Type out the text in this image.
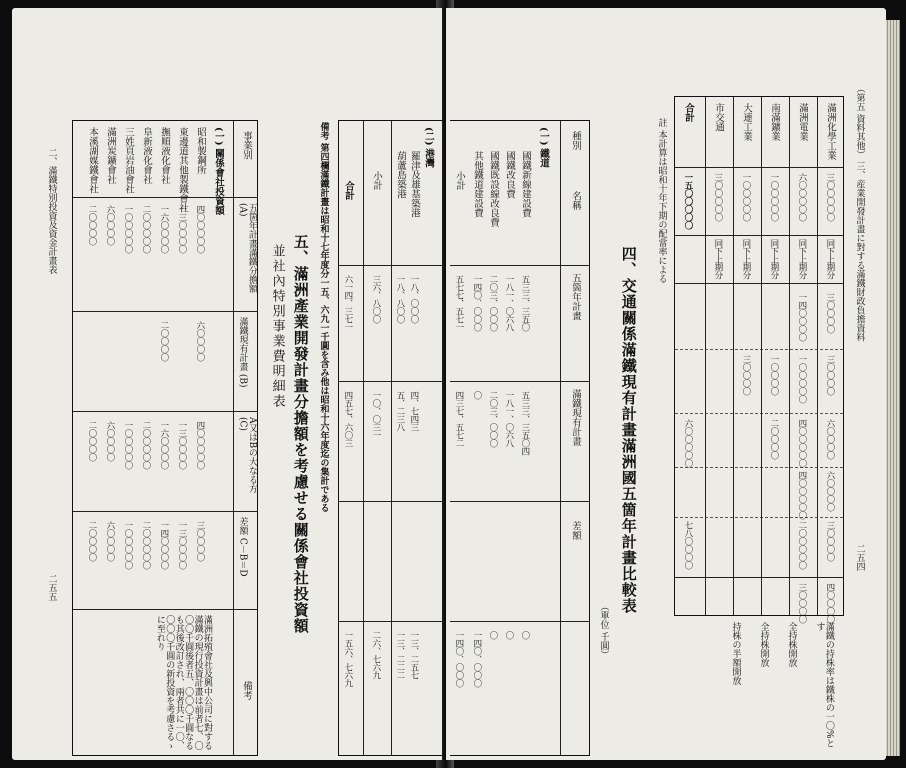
（第五 資料其他） 三、産業開發計畫に對する滿鐵財政負擔資料
二五四
滿洲化學工業
滿洲電業
南滿鑛業
大連工業
市交通
合計
三〇〇〇〇〇
六〇〇〇〇〇
一〇〇〇〇〇
一〇〇〇〇〇
三〇〇〇〇〇
一五〇〇〇〇〇
同下上期分
同下上期分
同下上期分
同下上期分
同下上期分
三〇〇〇〇
一四〇〇〇〇
三〇〇〇〇
一〇〇〇〇〇
一〇〇〇〇
三〇〇〇〇
六〇〇〇〇
四〇〇〇〇〇
二〇〇〇〇
六〇〇〇〇〇
六〇〇〇〇
四〇〇〇〇〇
三〇〇〇〇
二〇〇〇〇〇
七八〇〇〇〇
四〇〇〇〇
三〇〇〇〇
滿鐵の持株率は鐵株の一〇%とす
全持株開放
全持株開放
持株の半額開放
註 本計算は昭和十年下期の配當率による
四、交通關係滿鐵現有計畫滿洲國五箇年計畫比較表
（單位 千圓）
種別
名稱
五箇年計畫
滿鐵現有計畫
差額
(一) 鐵道
國鐵新線建設費
五三三、三五〇
五三三、三五〇四
〇
國鐵改良費
一八一、〇六八
一八一、〇六八
〇
國鐵既設線改良費
二〇三、〇〇〇
二〇三、〇〇〇
〇
其他鐵道建設費
一四〇、〇〇〇
〇
一四〇、〇〇〇
小計
五七七、五七一
四三七、五七二
一四〇、〇〇〇
(二) 港灣
羅津及雄基築港
一八、〇〇〇
四、七四三
一三、二五七
葫蘆島築港
一八、八〇〇
五、二三八
一三、二二二
小計
三六、八〇〇
一〇、〇三一
二六、七六九
合計
六一四、三七一
四五七、六〇三
一五六、七六九
備考 第四欄滿鐵計畫は昭和十七年度分一五、六九一千圓を含み他は昭和十六年度迄の集計である
五、滿洲產業開發計畫分擔額を考慮せる關係會社投資額
並社內特別事業費明細表
事業別
五箇年計畫滿鐵分擔額 (A)
滿鐵現有計畫 (B)
A又はBの大なる方 (C)
差額 C－B＝D
備考
(一) 關係會社投資額
昭和製鋼所
四〇〇〇〇〇
六〇〇〇〇
四〇〇〇〇〇
三〇〇〇〇
東邊道其他製鐵會社
一三〇〇〇〇
一三〇〇〇〇
一三〇〇〇〇
撫順液化會社
一六〇〇〇〇
二〇〇〇〇
一六〇〇〇〇
一四〇〇〇〇
阜新液化會社
二〇〇〇〇〇
二〇〇〇〇〇
二〇〇〇〇〇
三姓頁岩油會社
一〇〇〇〇〇
一〇〇〇〇〇
一〇〇〇〇〇
滿洲炭鑛會社
六〇〇〇〇
六〇〇〇〇
六〇〇〇〇
本溪湖媒鐵會社
二〇〇〇〇
二〇〇〇〇
二〇〇〇〇
滿洲拓殖會社及興中公司に對する滿鐵の現行投資計畫は前者七、〇〇〇千圓後者五、〇〇〇千圓なるも其後改訂され、兩者共に一〇、〇〇〇千圓の新投資を考慮さるゝに至れり
二、滿鐵特別投資及資金計畫表
二五五
